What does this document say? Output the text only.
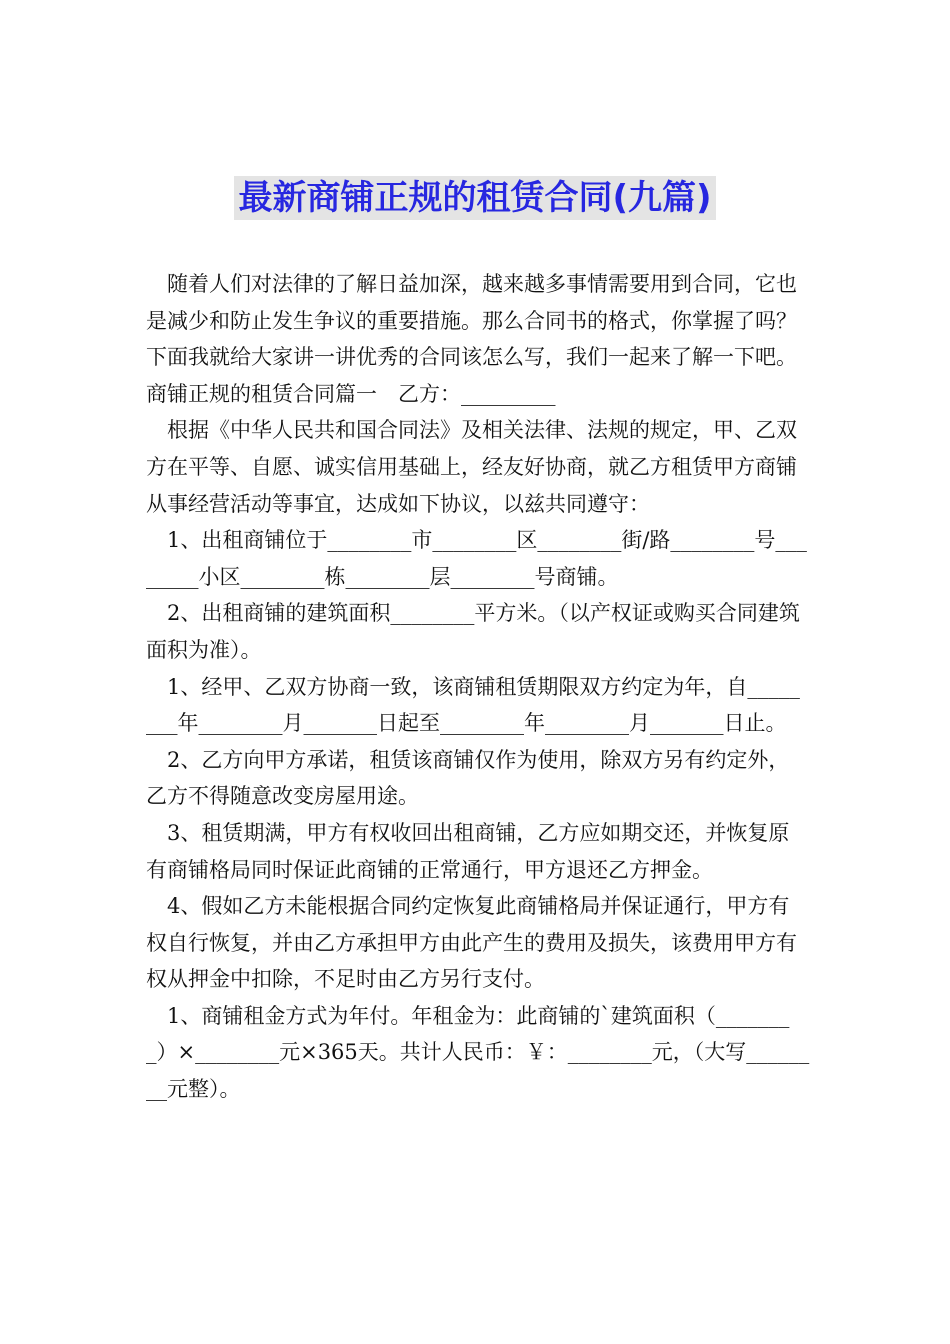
最新商铺正规的租赁合同(九篇)

　随着人们对法律的了解日益加深，越来越多事情需要用到合同，它也是减少和防止发生争议的重要措施。那么合同书的格式，你掌握了吗？下面我就给大家讲一讲优秀的合同该怎么写，我们一起来了解一下吧。

商铺正规的租赁合同篇一　乙方：_________

　根据《中华人民共和国合同法》及相关法律、法规的规定，甲、乙双方在平等、自愿、诚实信用基础上，经友好协商，就乙方租赁甲方商铺从事经营活动等事宜，达成如下协议，以兹共同遵守：

　1、出租商铺位于________市________区________街/路________号________小区________栋________层________号商铺。

　2、出租商铺的建筑面积________平方米。（以产权证或购买合同建筑面积为准）。

　1、经甲、乙双方协商一致，该商铺租赁期限双方约定为年，自________年________月_______日起至________年________月_______日止。

　2、乙方向甲方承诺，租赁该商铺仅作为使用，除双方另有约定外，乙方不得随意改变房屋用途。

　3、租赁期满，甲方有权收回出租商铺，乙方应如期交还，并恢复原有商铺格局同时保证此商铺的正常通行，甲方退还乙方押金。

　4、假如乙方未能根据合同约定恢复此商铺格局并保证通行，甲方有权自行恢复，并由乙方承担甲方由此产生的费用及损失，该费用甲方有权从押金中扣除，不足时由乙方另行支付。

　1、商铺租金方式为年付。年租金为：此商铺的`建筑面积（________）×________元×365天。共计人民币：￥：________元，（大写________元整）。
